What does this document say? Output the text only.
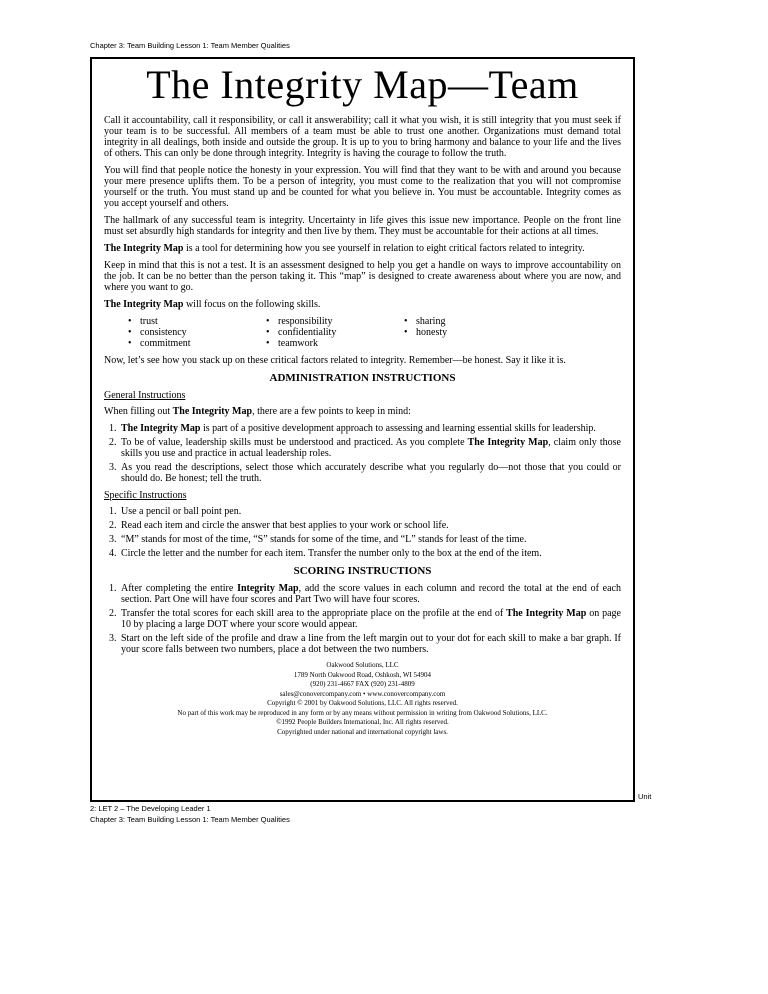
Chapter 3: Team Building Lesson 1: Team Member Qualities
The Integrity Map—Team

Call it accountability, call it responsibility, or call it answerability; call it what you wish, it is still integrity that you must seek if your team is to be successful. All members of a team must be able to trust one another. Organizations must demand total integrity in all dealings, both inside and outside the group. It is up to you to bring harmony and balance to your life and the lives of others. This can only be done through integrity. Integrity is having the courage to follow the truth.

You will find that people notice the honesty in your expression. You will find that they want to be with and around you because your mere presence uplifts them. To be a person of integrity, you must come to the realization that you will not compromise yourself or the truth. You must stand up and be counted for what you believe in. You must be accountable. Integrity comes as you accept yourself and others.

The hallmark of any successful team is integrity. Uncertainty in life gives this issue new importance. People on the front line must set absurdly high standards for integrity and then live by them. They must be accountable for their actions at all times.

The Integrity Map is a tool for determining how you see yourself in relation to eight critical factors related to integrity.

Keep in mind that this is not a test. It is an assessment designed to help you get a handle on ways to improve accountability on the job. It can be no better than the person taking it. This “map” is designed to create awareness about where you are now, and where you want to go.

The Integrity Map will focus on the following skills.

•
trust
•
consistency
•
commitment
•
responsibility
•
confidentiality
•
teamwork
•
sharing
•
honesty

Now, let’s see how you stack up on these critical factors related to integrity. Remember—be honest. Say it like it is.

ADMINISTRATION INSTRUCTIONS
General Instructions

When filling out The Integrity Map, there are a few points to keep in mind:

1. The Integrity Map is part of a positive development approach to assessing and learning essential skills for leadership.
2. To be of value, leadership skills must be understood and practiced. As you complete The Integrity Map, claim only those skills you use and practice in actual leadership roles.
3. As you read the descriptions, select those which accurately describe what you regularly do—not those that you could or should do. Be honest; tell the truth.
Specific Instructions
1. Use a pencil or ball point pen.
2. Read each item and circle the answer that best applies to your work or school life.
3. “M” stands for most of the time, “S” stands for some of the time, and “L” stands for least of the time.
4. Circle the letter and the number for each item. Transfer the number only to the box at the end of the item.
SCORING INSTRUCTIONS
1. After completing the entire Integrity Map, add the score values in each column and record the total at the end of each section. Part One will have four scores and Part Two will have four scores.
2. Transfer the total scores for each skill area to the appropriate place on the profile at the end of The Integrity Map on page 10 by placing a large DOT where your score would appear.
3. Start on the left side of the profile and draw a line from the left margin out to your dot for each skill to make a bar graph. If your score falls between two numbers, place a dot between the two numbers.
Oakwood Solutions, LLC
1789 North Oakwood Road, Oshkosh, WI 54904
(920) 231-4667 FAX (920) 231-4809
sales@conovercompany.com • www.conovercompany.com
Copyright © 2001 by Oakwood Solutions, LLC. All rights reserved.
No part of this work may be reproduced in any form or by any means without permission in writing from Oakwood Solutions, LLC.
©1992 People Builders International, Inc. All rights reserved.
Copyrighted under national and international copyright laws.
Unit
2: LET 2 – The Developing Leader 1
Chapter 3: Team Building Lesson 1: Team Member Qualities
